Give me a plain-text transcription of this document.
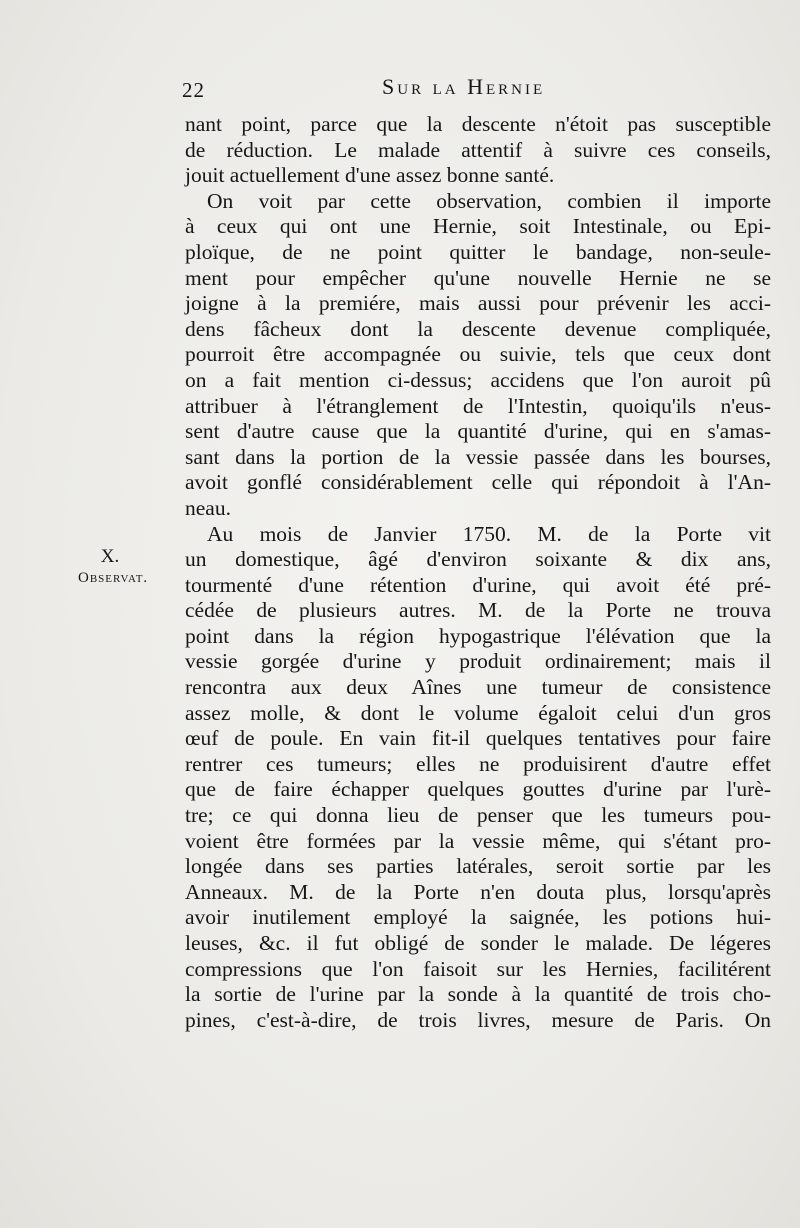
22	Sur la Hernie
X.
Observat.
nant point, parce que la descente n'étoit pas susceptible
de réduction. Le malade attentif à suivre ces conseils,
jouit actuellement d'une assez bonne santé.
On voit par cette observation, combien il importe
à ceux qui ont une Hernie, soit Intestinale, ou Epi-
ploïque, de ne point quitter le bandage, non-seule-
ment pour empêcher qu'une nouvelle Hernie ne se
joigne à la premiére, mais aussi pour prévenir les acci-
dens fâcheux dont la descente devenue compliquée,
pourroit être accompagnée ou suivie, tels que ceux dont
on a fait mention ci-dessus; accidens que l'on auroit pû
attribuer à l'étranglement de l'Intestin, quoiqu'ils n'eus-
sent d'autre cause que la quantité d'urine, qui en s'amas-
sant dans la portion de la vessie passée dans les bourses,
avoit gonflé considérablement celle qui répondoit à l'An-
neau.
Au mois de Janvier 1750. M. de la Porte vit
un domestique, âgé d'environ soixante & dix ans,
tourmenté d'une rétention d'urine, qui avoit été pré-
cédée de plusieurs autres. M. de la Porte ne trouva
point dans la région hypogastrique l'élévation que la
vessie gorgée d'urine y produit ordinairement; mais il
rencontra aux deux Aînes une tumeur de consistence
assez molle, & dont le volume égaloit celui d'un gros
œuf de poule. En vain fit-il quelques tentatives pour faire
rentrer ces tumeurs; elles ne produisirent d'autre effet
que de faire échapper quelques gouttes d'urine par l'urè-
tre; ce qui donna lieu de penser que les tumeurs pou-
voient être formées par la vessie même, qui s'étant pro-
longée dans ses parties latérales, seroit sortie par les
Anneaux. M. de la Porte n'en douta plus, lorsqu'après
avoir inutilement employé la saignée, les potions hui-
leuses, &c. il fut obligé de sonder le malade. De légeres
compressions que l'on faisoit sur les Hernies, facilitérent
la sortie de l'urine par la sonde à la quantité de trois cho-
pines, c'est-à-dire, de trois livres, mesure de Paris. On
